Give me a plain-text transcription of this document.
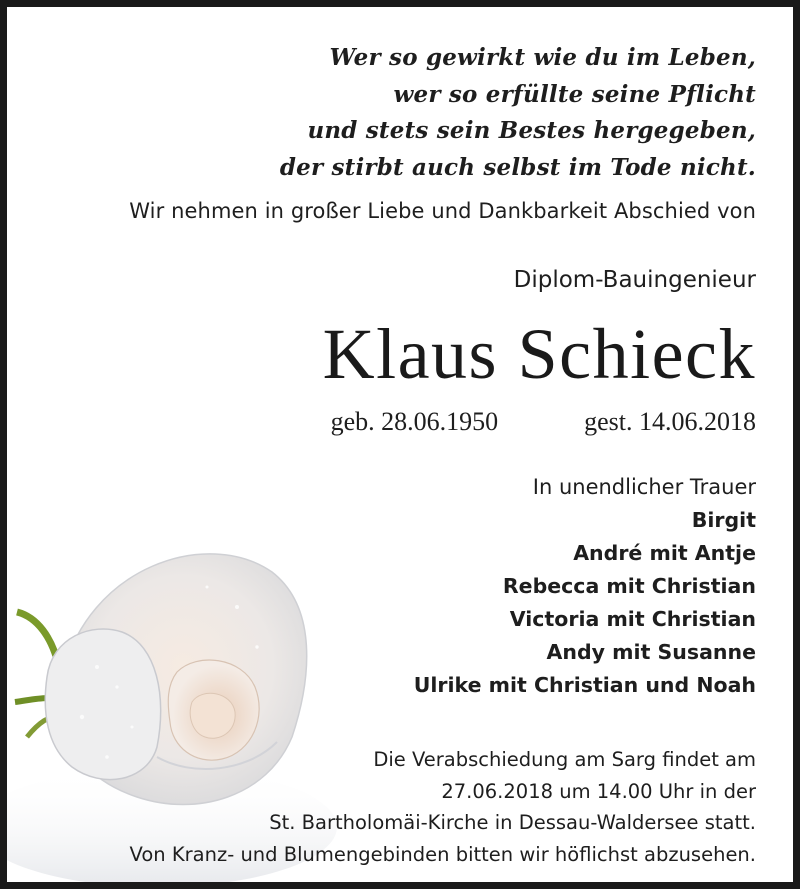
Wer so gewirkt wie du im Leben,
wer so erfüllte seine Pflicht
und stets sein Bestes hergegeben,
der stirbt auch selbst im Tode nicht.
Wir nehmen in großer Liebe und Dankbarkeit Abschied von
Diplom-Bauingenieur
Klaus Schieck
geb. 28.06.1950	gest. 14.06.2018
In unendlicher Trauer
Birgit
André mit Antje
Rebecca mit Christian
Victoria mit Christian
Andy mit Susanne
Ulrike mit Christian und Noah
Die Verabschiedung am Sarg findet am
27.06.2018 um 14.00 Uhr in der
St. Bartholomäi-Kirche in Dessau-Waldersee statt.
Von Kranz- und Blumengebinden bitten wir höflichst abzusehen.
